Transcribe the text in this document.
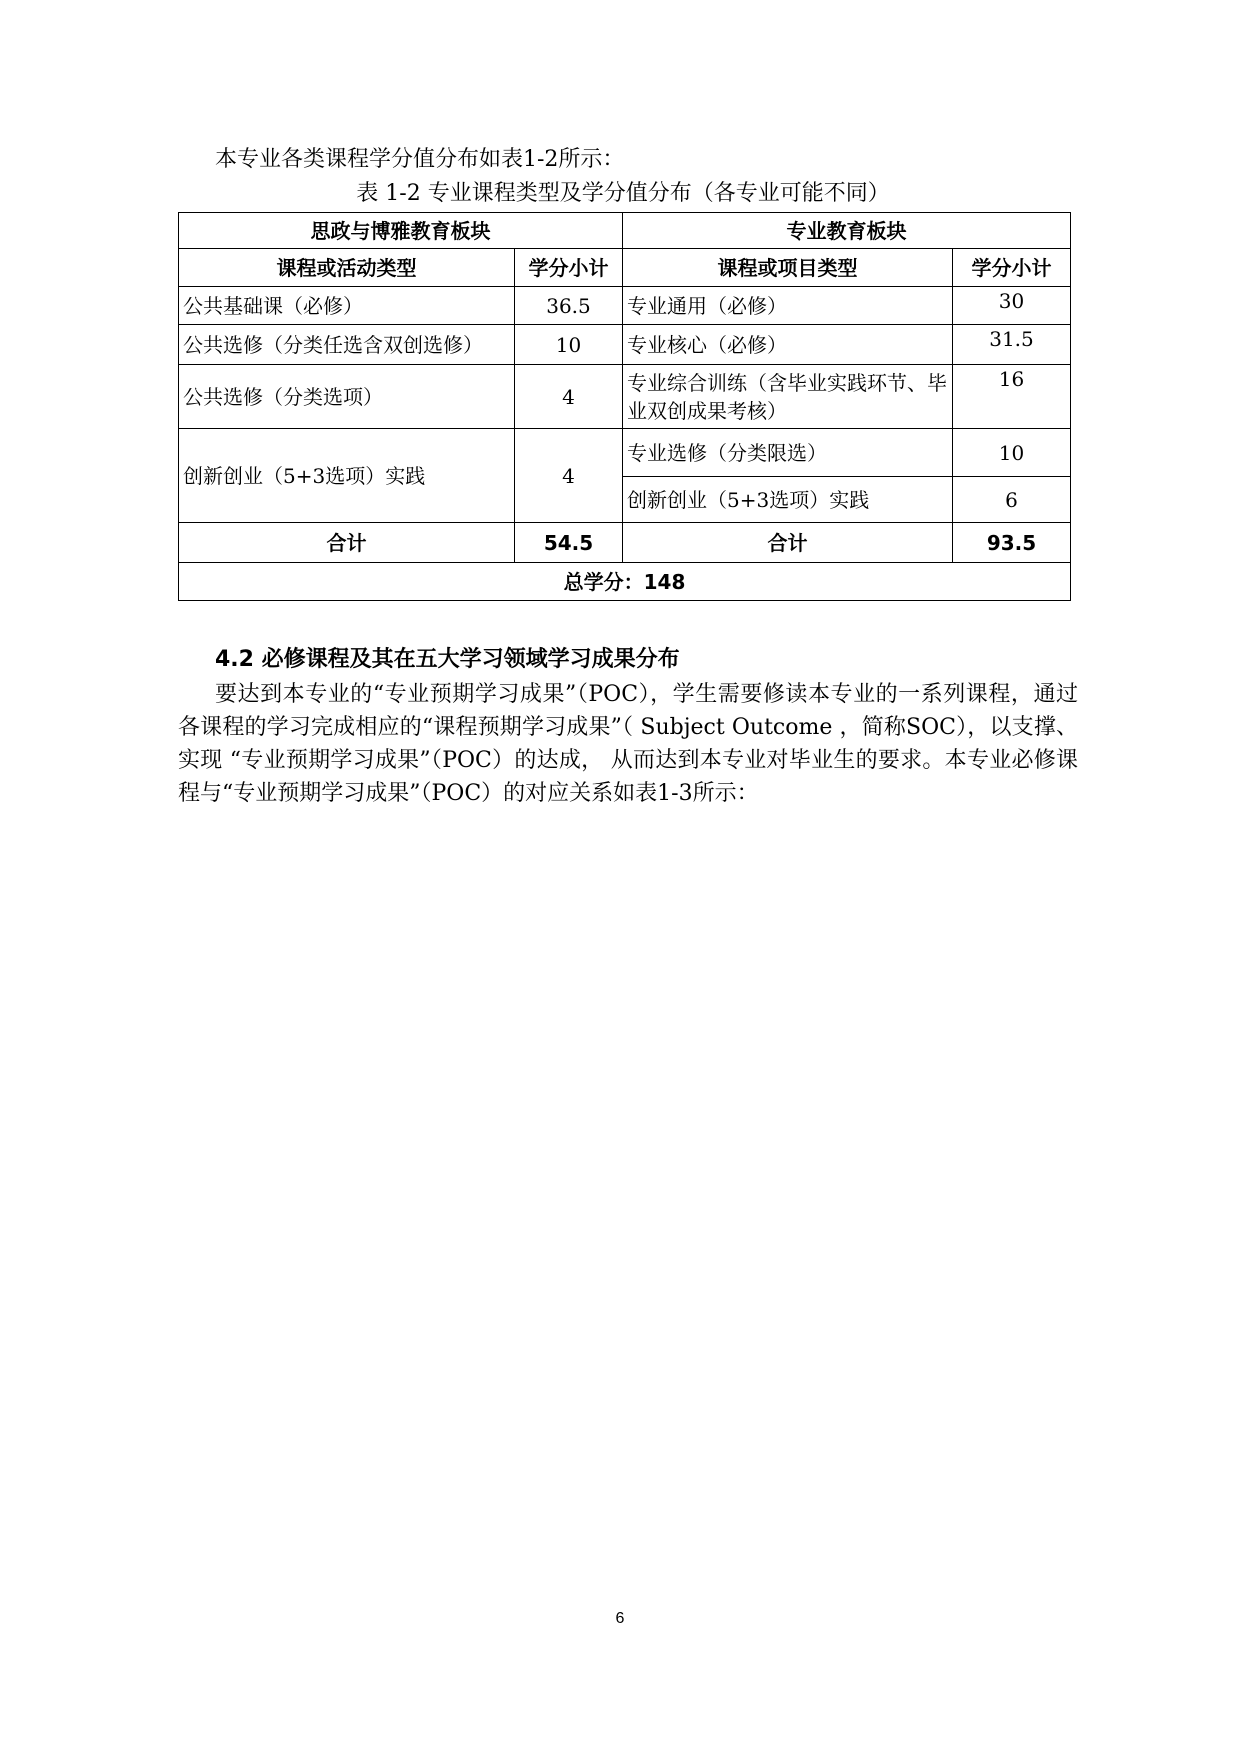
本专业各类课程学分值分布如表1-2所示：
表 1-2 专业课程类型及学分值分布（各专业可能不同）
思政与博雅教育板块		专业教育板块	
课程或活动类型	学分小计	课程或项目类型	学分小计
公共基础课（必修）	36.5	专业通用（必修）	30
公共选修（分类任选含双创选修）	10	专业核心（必修）	31.5
公共选修（分类选项）	4	专业综合训练（含毕业实践环节、毕业双创成果考核）	16
创新创业（5+3选项）实践	4	专业选修（分类限选）	10
		创新创业（5+3选项）实践	6
合计	54.5	合计	93.5
总学分：148			
4.2 必修课程及其在五大学习领域学习成果分布
要达到本专业的“专业预期学习成果”（POC），学生需要修读本专业的一系列课程，通过各课程的学习完成相应的“课程预期学习成果”（ Subject Outcome ，简称SOC），以支撑、实现 “专业预期学习成果”（POC）的达成， 从而达到本专业对毕业生的要求。本专业必修课程与“专业预期学习成果”（POC）的对应关系如表1-3所示：
6
